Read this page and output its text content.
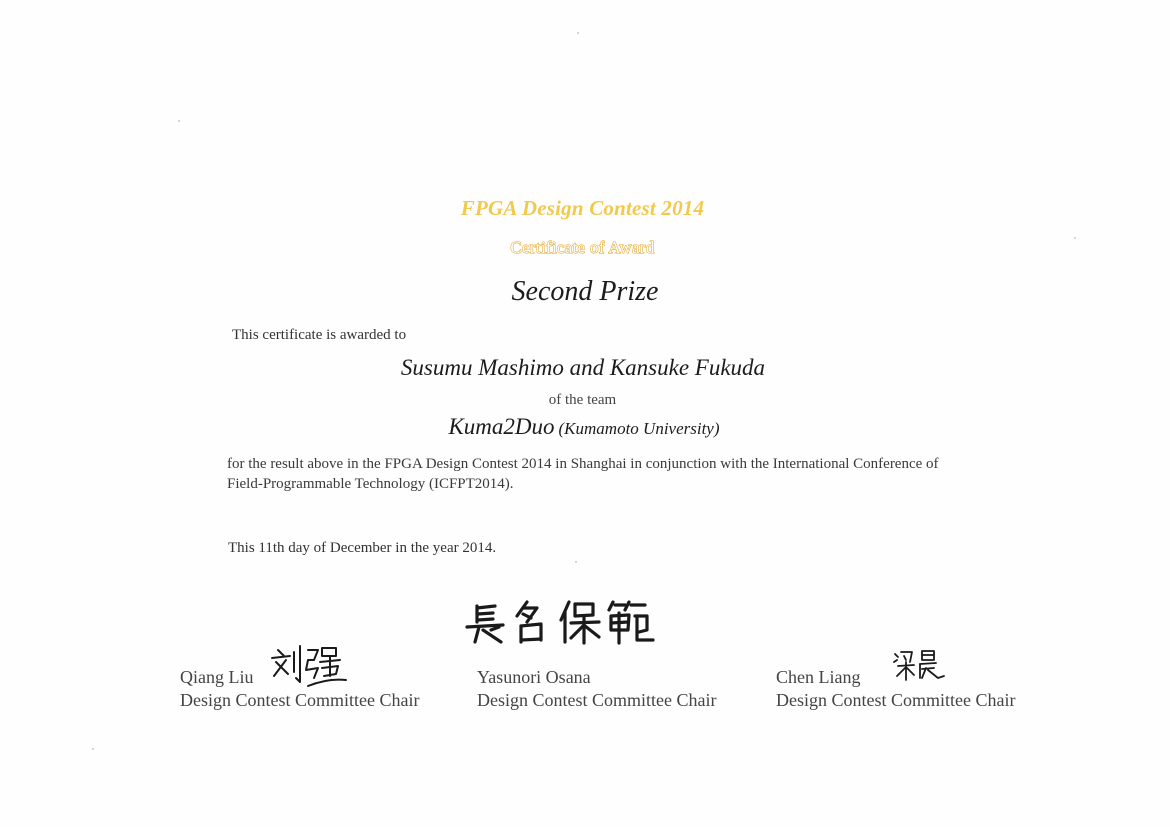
FPGA Design Contest 2014
Certificate of Award
Second Prize
This certificate is awarded to
Susumu Mashimo and Kansuke Fukuda
of the team
Kuma2Duo (Kumamoto University)
for the result above in the FPGA Design Contest 2014 in Shanghai in conjunction with the International Conference of Field-Programmable Technology (ICFPT2014).
This 11th day of December in the year 2014.
Qiang Liu
Design Contest Committee Chair
Yasunori Osana
Design Contest Committee Chair
Chen Liang
Design Contest Committee Chair
